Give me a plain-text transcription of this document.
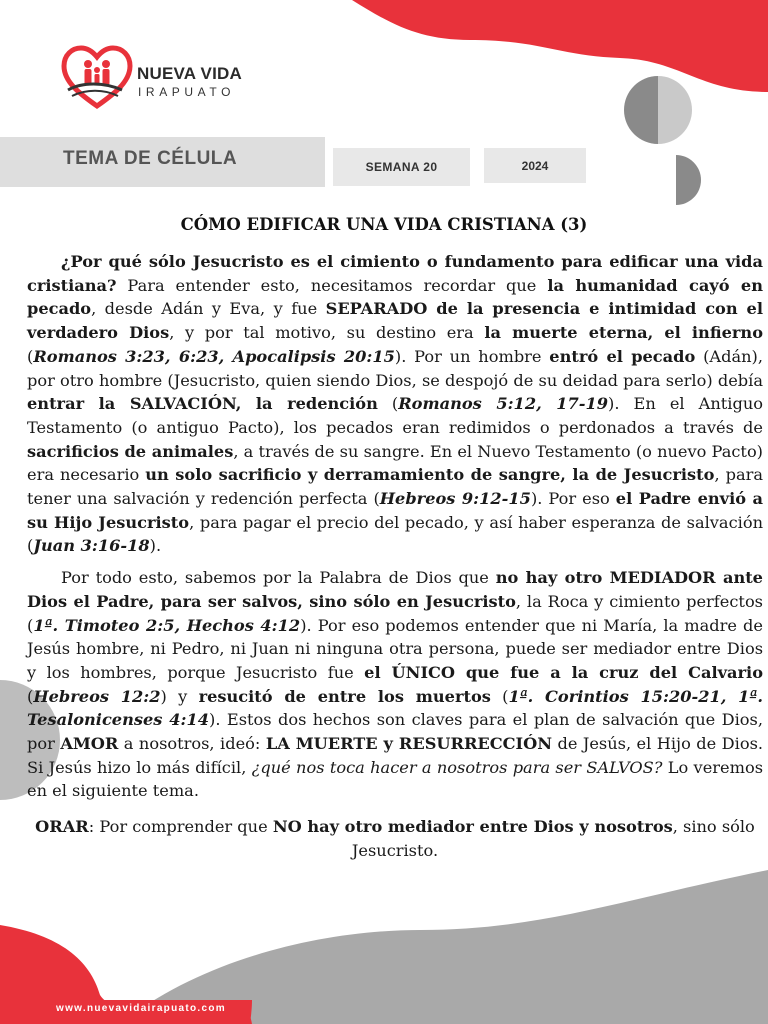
NUEVA VIDA
IRAPUATO
TEMA DE CÉLULA	SEMANA 20	2024
CÓMO EDIFICAR UNA VIDA CRISTIANA (3)

¿Por qué sólo Jesucristo es el cimiento o fundamento para edificar una vida cristiana? Para entender esto, necesitamos recordar que la humanidad cayó en pecado, desde Adán y Eva, y fue SEPARADO de la presencia e intimidad con el verdadero Dios, y por tal motivo, su destino era la muerte eterna, el infierno (Romanos 3:23, 6:23, Apocalipsis 20:15). Por un hombre entró el pecado (Adán), por otro hombre (Jesucristo, quien siendo Dios, se despojó de su deidad para serlo) debía entrar la SALVACIÓN, la redención (Romanos 5:12, 17-19). En el Antiguo Testamento (o antiguo Pacto), los pecados eran redimidos o perdonados a través de sacrificios de animales, a través de su sangre. En el Nuevo Testamento (o nuevo Pacto) era necesario un solo sacrificio y derramamiento de sangre, la de Jesucristo, para tener una salvación y redención perfecta (Hebreos 9:12-15). Por eso el Padre envió a su Hijo Jesucristo, para pagar el precio del pecado, y así haber esperanza de salvación (Juan 3:16-18).

Por todo esto, sabemos por la Palabra de Dios que no hay otro MEDIADOR ante Dios el Padre, para ser salvos, sino sólo en Jesucristo, la Roca y cimiento perfectos (1ª. Timoteo 2:5, Hechos 4:12). Por eso podemos entender que ni María, la madre de Jesús hombre, ni Pedro, ni Juan ni ninguna otra persona, puede ser mediador entre Dios y los hombres, porque Jesucristo fue el ÚNICO que fue a la cruz del Calvario (Hebreos 12:2) y resucitó de entre los muertos (1ª. Corintios 15:20-21, 1ª. Tesalonicenses 4:14). Estos dos hechos son claves para el plan de salvación que Dios, por AMOR a nosotros, ideó: LA MUERTE y RESURRECCIÓN de Jesús, el Hijo de Dios. Si Jesús hizo lo más difícil, ¿qué nos toca hacer a nosotros para ser SALVOS? Lo veremos en el siguiente tema.

ORAR: Por comprender que NO hay otro mediador entre Dios y nosotros, sino sólo Jesucristo.

www.nuevavidairapuato.com
